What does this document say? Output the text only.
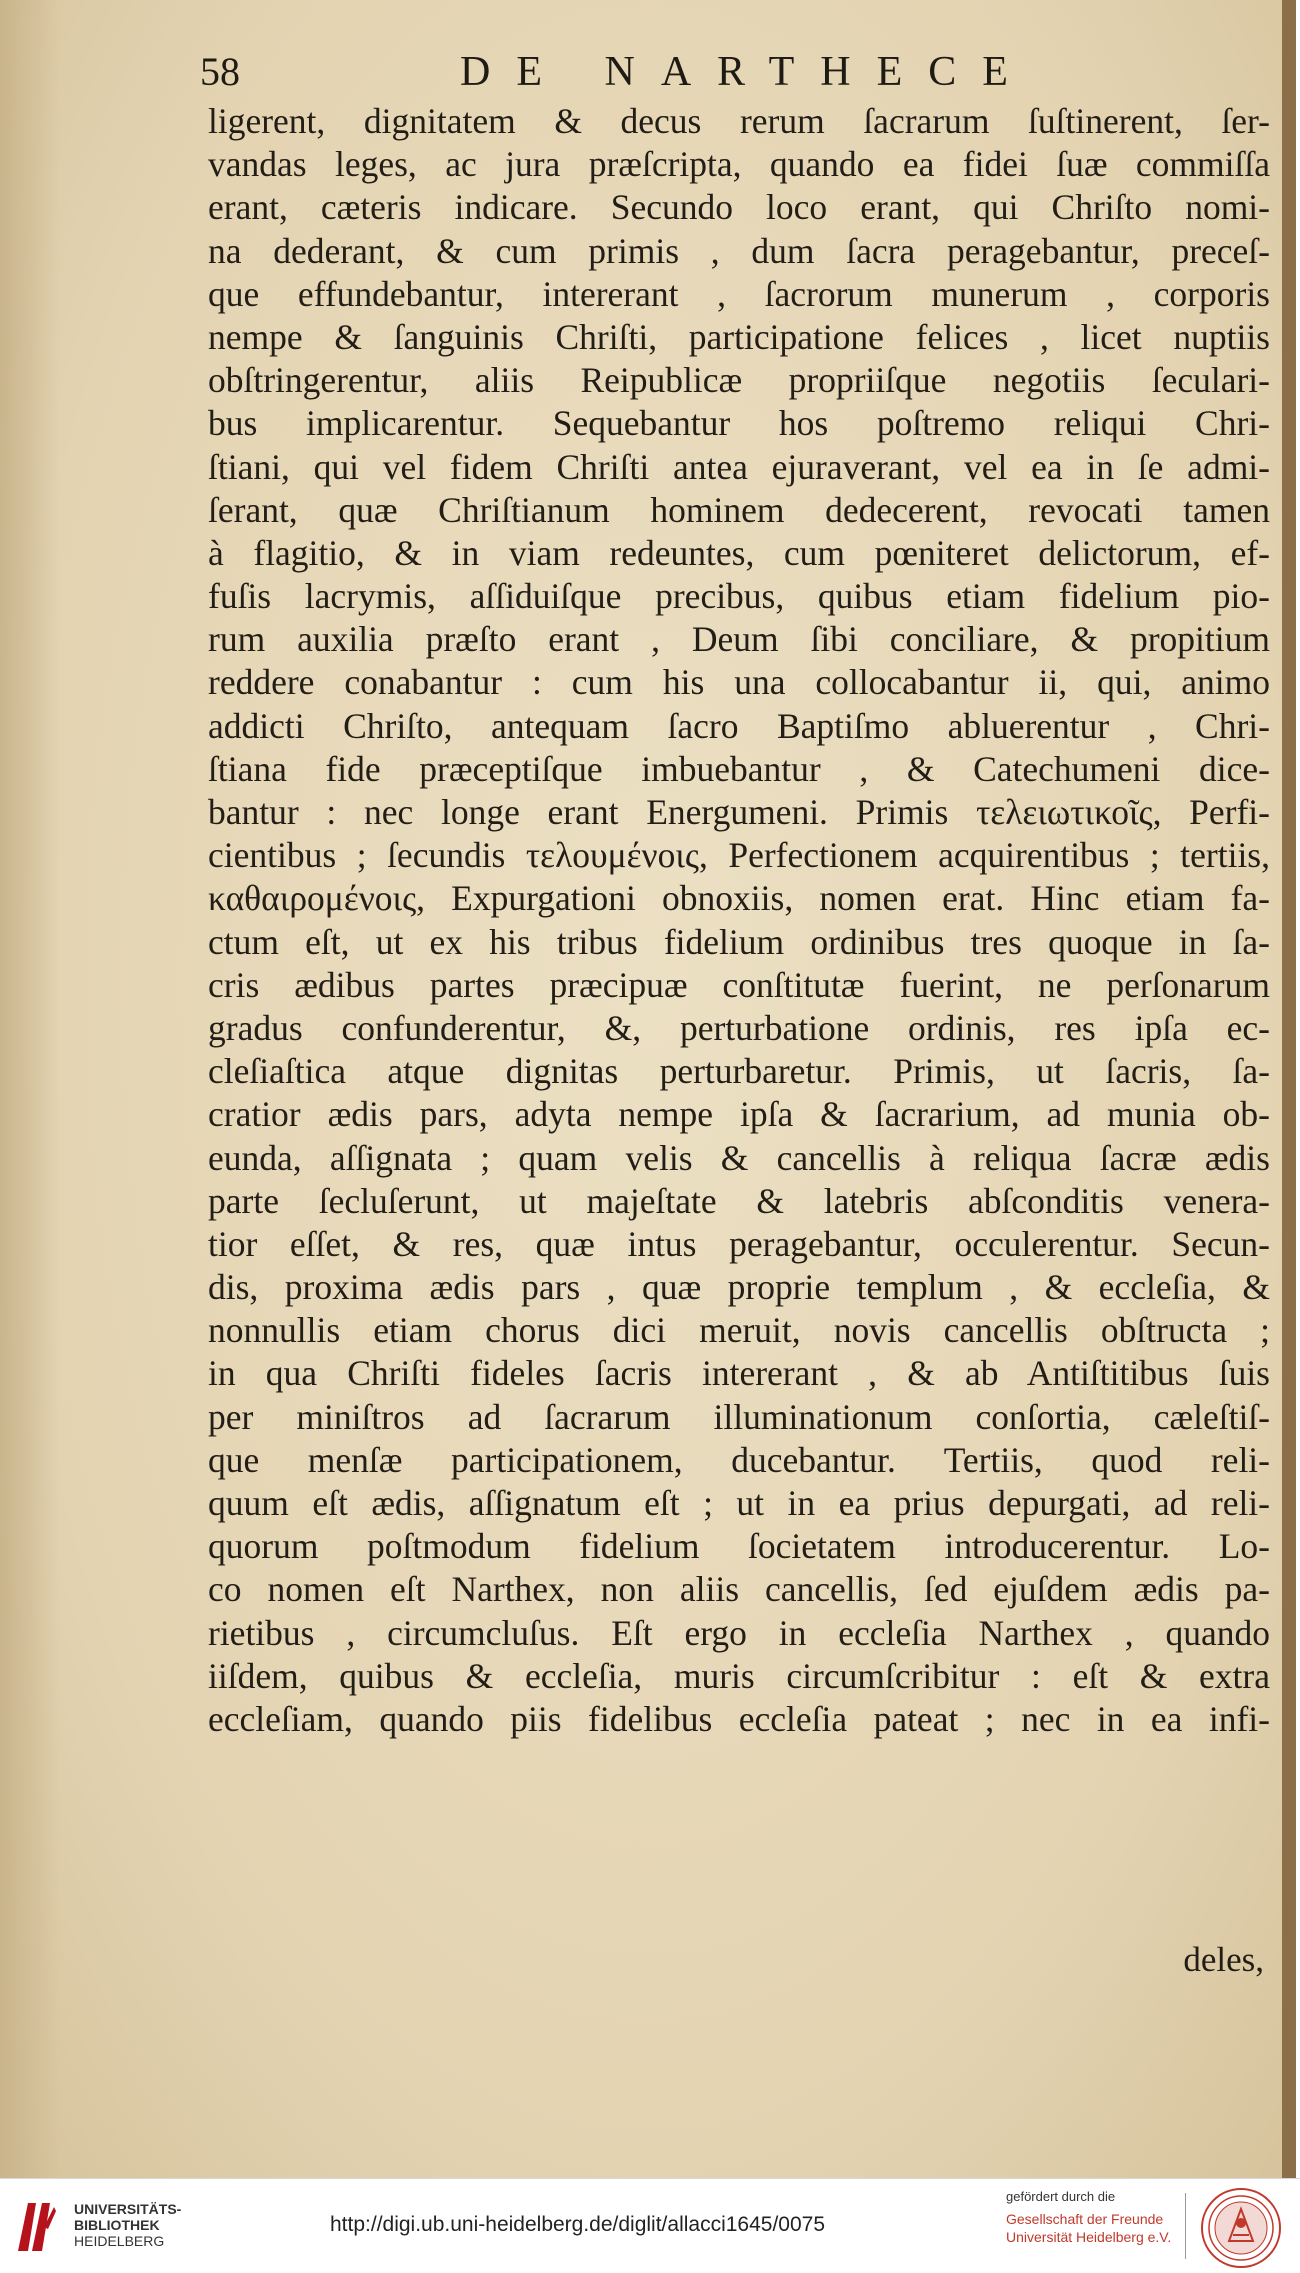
58	DE NARTHECE
ligerent, dignitatem & decus rerum ſacrarum ſuſtinerent, ſer-
vandas leges, ac jura præſcripta, quando ea fidei ſuæ commiſſa
erant, cæteris indicare. Secundo loco erant, qui Chriſto nomi-
na dederant, & cum primis , dum ſacra peragebantur, preceſ-
que effundebantur, intererant , ſacrorum munerum , corporis
nempe & ſanguinis Chriſti, participatione felices , licet nuptiis
obſtringerentur, aliis Reipublicæ propriiſque negotiis ſeculari-
bus implicarentur. Sequebantur hos poſtremo reliqui Chri-
ſtiani, qui vel fidem Chriſti antea ejuraverant, vel ea in ſe admi-
ſerant, quæ Chriſtianum hominem dedecerent, revocati tamen
à flagitio, & in viam redeuntes, cum pœniteret delictorum, ef-
fuſis lacrymis, aſſiduiſque precibus, quibus etiam fidelium pio-
rum auxilia præſto erant , Deum ſibi conciliare, & propitium
reddere conabantur : cum his una collocabantur ii, qui, animo
addicti Chriſto, antequam ſacro Baptiſmo abluerentur , Chri-
ſtiana fide præceptiſque imbuebantur , & Catechumeni dice-
bantur : nec longe erant Energumeni. Primis τελειωτικοῖς, Perfi-
cientibus ; ſecundis τελουμένοις, Perfectionem acquirentibus ; tertiis,
καθαιρομένοις, Expurgationi obnoxiis, nomen erat. Hinc etiam fa-
ctum eſt, ut ex his tribus fidelium ordinibus tres quoque in ſa-
cris ædibus partes præcipuæ conſtitutæ fuerint, ne perſonarum
gradus confunderentur, &, perturbatione ordinis, res ipſa ec-
cleſiaſtica atque dignitas perturbaretur. Primis, ut ſacris, ſa-
cratior ædis pars, adyta nempe ipſa & ſacrarium, ad munia ob-
eunda, aſſignata ; quam velis & cancellis à reliqua ſacræ ædis
parte ſecluſerunt, ut majeſtate & latebris abſconditis venera-
tior eſſet, & res, quæ intus peragebantur, occulerentur. Secun-
dis, proxima ædis pars , quæ proprie templum , & eccleſia, &
nonnullis etiam chorus dici meruit, novis cancellis obſtructa ;
in qua Chriſti fideles ſacris intererant , & ab Antiſtitibus ſuis
per miniſtros ad ſacrarum illuminationum conſortia, cæleſtiſ-
que menſæ participationem, ducebantur. Tertiis, quod reli-
quum eſt ædis, aſſignatum eſt ; ut in ea prius depurgati, ad reli-
quorum poſtmodum fidelium ſocietatem introducerentur. Lo-
co nomen eſt Narthex, non aliis cancellis, ſed ejuſdem ædis pa-
rietibus , circumcluſus. Eſt ergo in eccleſia Narthex , quando
iiſdem, quibus & eccleſia, muris circumſcribitur : eſt & extra
eccleſiam, quando piis fidelibus eccleſia pateat ; nec in ea infi-
deles,
UNIVERSITÄTS-
BIBLIOTHEK
HEIDELBERG
http://digi.ub.uni-heidelberg.de/diglit/allacci1645/0075
gefördert durch die
Gesellschaft der Freunde
Universität Heidelberg e.V.
